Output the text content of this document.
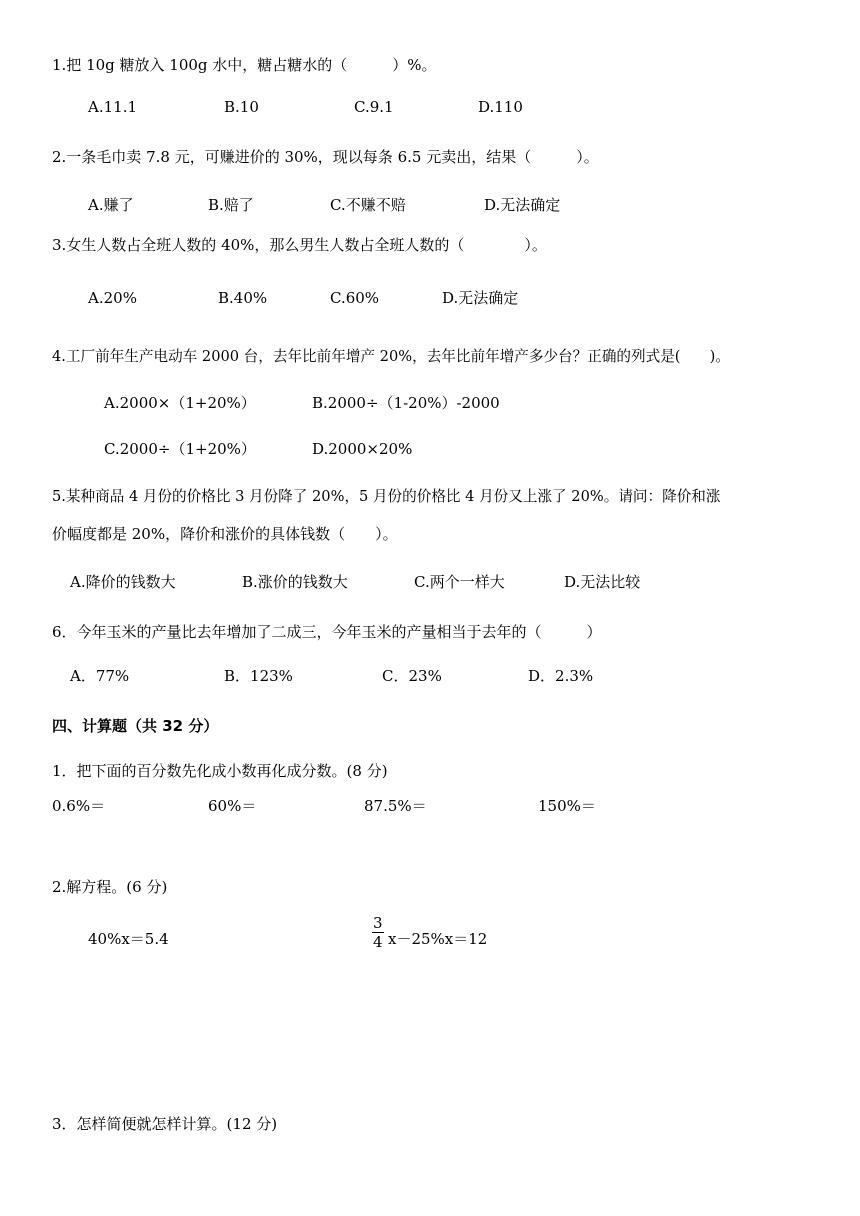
1.把 10g 糖放入 100g 水中，糖占糖水的（　　　）%。
A.11.1	B.10	C.9.1	D.110
2.一条毛巾卖 7.8 元，可赚进价的 30%，现以每条 6.5 元卖出，结果（　　　）。
A.赚了	B.赔了	C.不赚不赔	D.无法确定
3.女生人数占全班人数的 40%，那么男生人数占全班人数的（　　　　）。
A.20%	B.40%	C.60%	D.无法确定
4.工厂前年生产电动车 2000 台，去年比前年增产 20%，去年比前年增产多少台？正确的列式是(　　)。
A.2000×（1+20%）	B.2000÷（1-20%）-2000
C.2000÷（1+20%）	D.2000×20%
5.某种商品 4 月份的价格比 3 月份降了 20%，5 月份的价格比 4 月份又上涨了 20%。请问：降价和涨
价幅度都是 20%，降价和涨价的具体钱数（　　）。
A.降价的钱数大	B.涨价的钱数大	C.两个一样大	D.无法比较
6．今年玉米的产量比去年增加了二成三，今年玉米的产量相当于去年的（　　　）
A．77%	B．123%	C．23%	D．2.3%
四、计算题（共 32 分）
1．把下面的百分数先化成小数再化成分数。(8 分)
0.6%＝	60%＝	87.5%＝	150%＝
2.解方程。(6 分)
40%x＝5.4
3
4 x－25%x＝12
3．怎样简便就怎样计算。(12 分)
